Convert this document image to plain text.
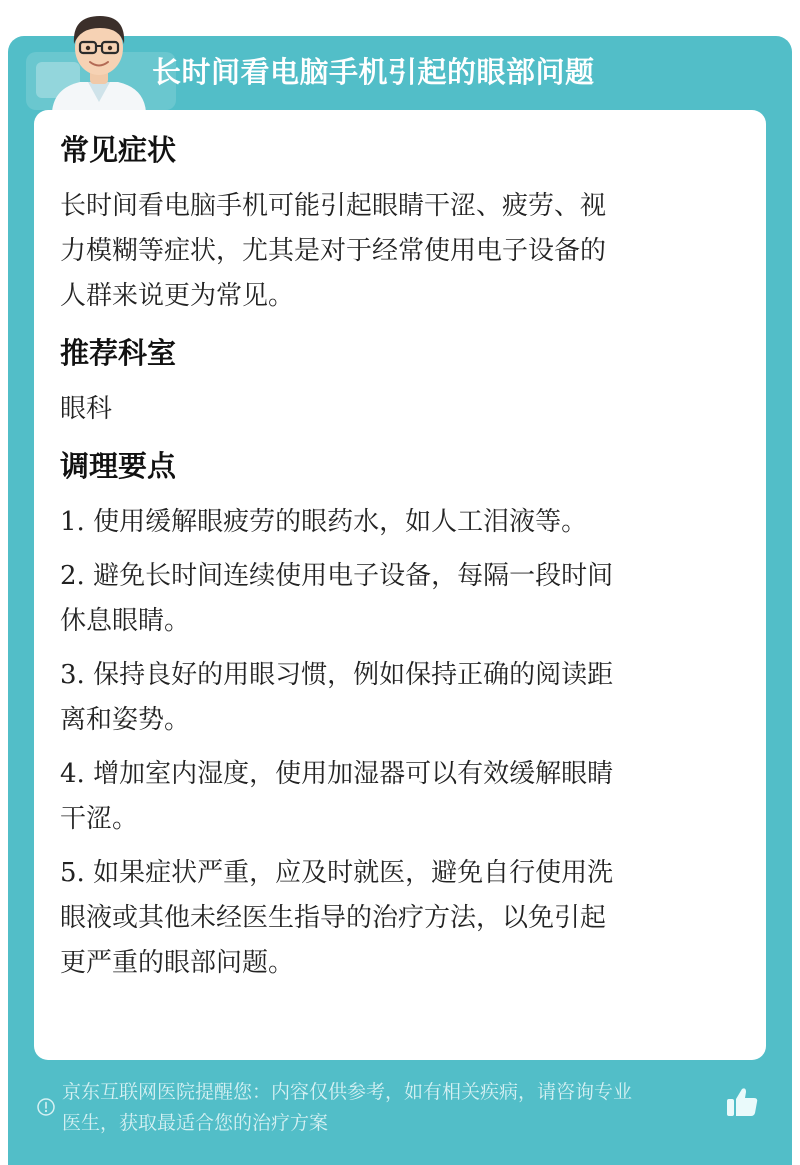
长时间看电脑手机引起的眼部问题

常见症状

长时间看电脑手机可能引起眼睛干涩、疲劳、视

力模糊等症状，尤其是对于经常使用电子设备的

人群来说更为常见。

推荐科室

眼科

调理要点

1. 使用缓解眼疲劳的眼药水，如人工泪液等。

2. 避免长时间连续使用电子设备，每隔一段时间

休息眼睛。

3. 保持良好的用眼习惯，例如保持正确的阅读距

离和姿势。

4. 增加室内湿度，使用加湿器可以有效缓解眼睛

干涩。

5. 如果症状严重，应及时就医，避免自行使用洗

眼液或其他未经医生指导的治疗方法，以免引起

更严重的眼部问题。

京东互联网医院提醒您：内容仅供参考，如有相关疾病，请咨询专业
医生，获取最适合您的治疗方案
